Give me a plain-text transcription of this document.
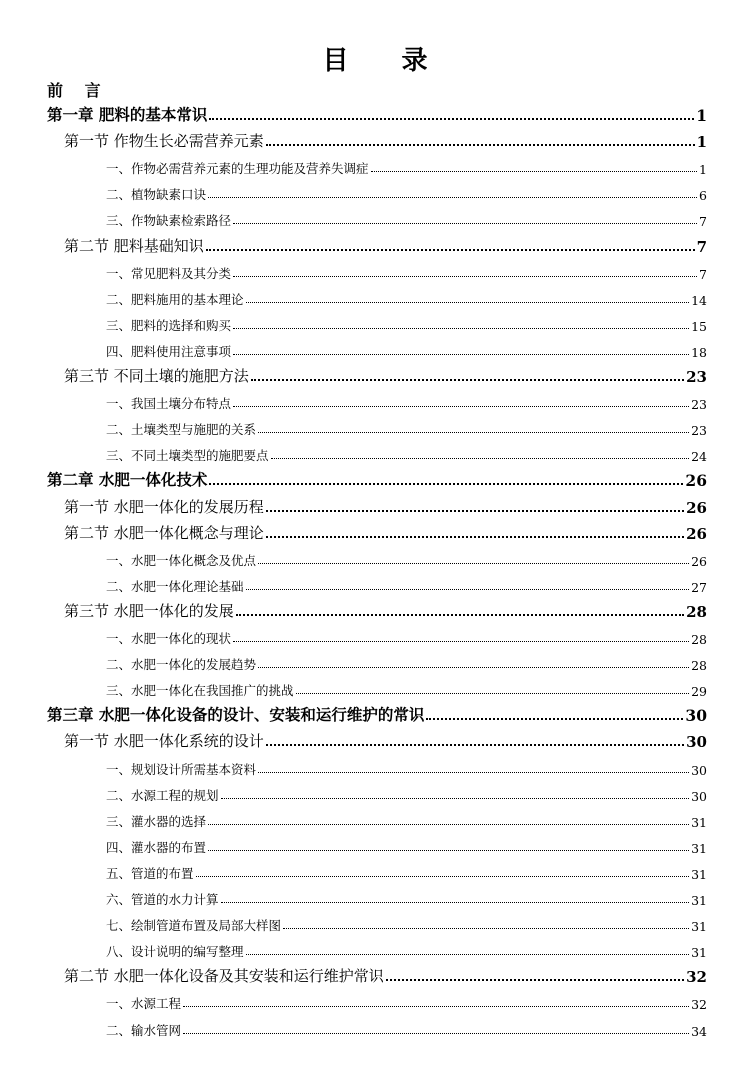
目 录
前 言
第一章 肥料的基本常识	1
第一节 作物生长必需营养元素	1
一、作物必需营养元素的生理功能及营养失调症	1
二、植物缺素口诀	6
三、作物缺素检索路径	7
第二节 肥料基础知识	7
一、常见肥料及其分类	7
二、肥料施用的基本理论	14
三、肥料的选择和购买	15
四、肥料使用注意事项	18
第三节 不同土壤的施肥方法	23
一、我国土壤分布特点	23
二、土壤类型与施肥的关系	23
三、不同土壤类型的施肥要点	24
第二章 水肥一体化技术	26
第一节 水肥一体化的发展历程	26
第二节 水肥一体化概念与理论	26
一、水肥一体化概念及优点	26
二、水肥一体化理论基础	27
第三节 水肥一体化的发展	28
一、水肥一体化的现状	28
二、水肥一体化的发展趋势	28
三、水肥一体化在我国推广的挑战	29
第三章 水肥一体化设备的设计、安装和运行维护的常识	30
第一节 水肥一体化系统的设计	30
一、规划设计所需基本资料	30
二、水源工程的规划	30
三、灌水器的选择	31
四、灌水器的布置	31
五、管道的布置	31
六、管道的水力计算	31
七、绘制管道布置及局部大样图	31
八、设计说明的编写整理	31
第二节 水肥一体化设备及其安装和运行维护常识	32
一、水源工程	32
二、输水管网	34
